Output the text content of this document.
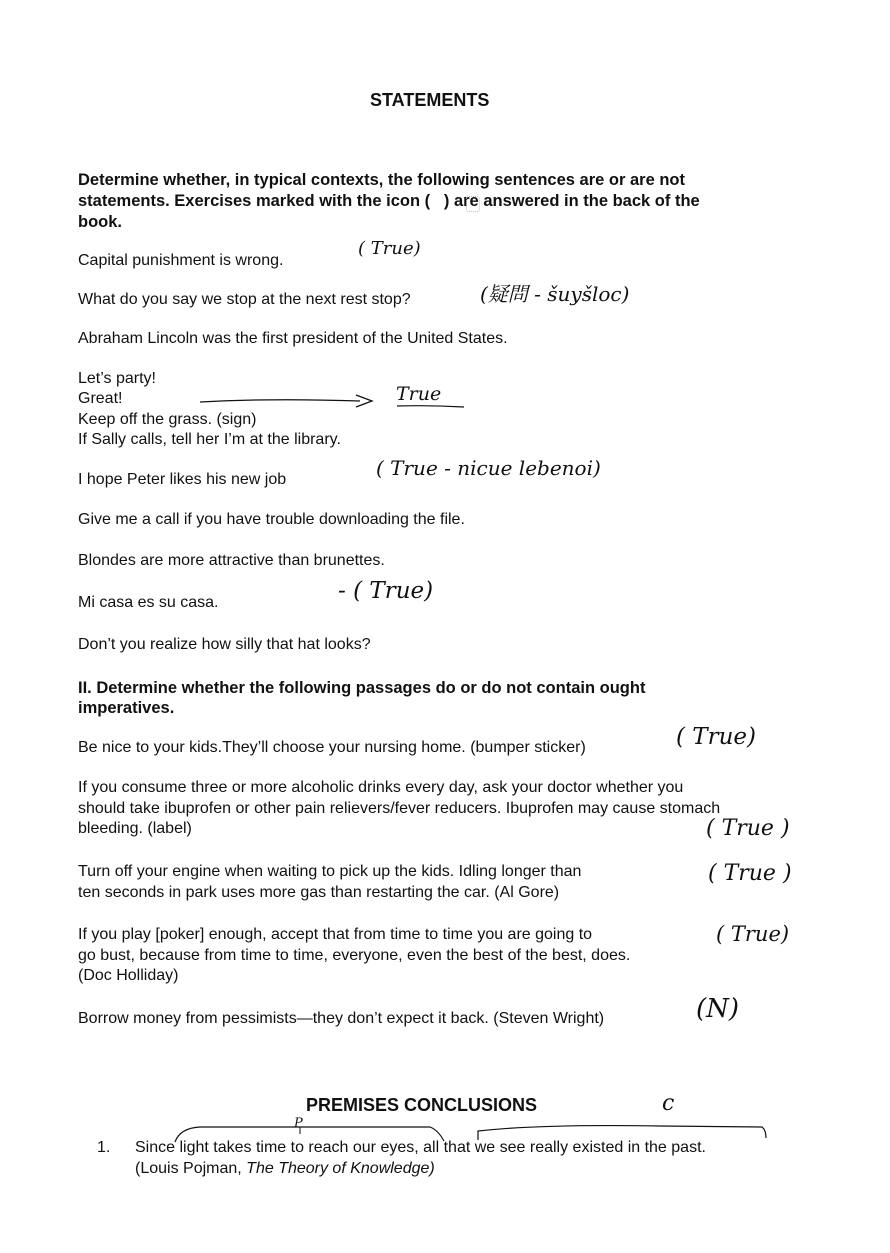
STATEMENTS
Determine whether, in typical contexts, the following sentences are or are not
statements. Exercises marked with the icon (   ) are answered in the back of the
book.
Capital punishment is wrong.
What do you say we stop at the next rest stop?
Abraham Lincoln was the first president of the United States.
Let’s party!
Great!
Keep off the grass. (sign)
If Sally calls, tell her I’m at the library.
I hope Peter likes his new job
Give me a call if you have trouble downloading the file.
Blondes are more attractive than brunettes.
Mi casa es su casa.
Don’t you realize how silly that hat looks?
II. Determine whether the following passages do or do not contain ought
imperatives.
Be nice to your kids.They’ll choose your nursing home. (bumper sticker)
If you consume three or more alcoholic drinks every day, ask your doctor whether you
should take ibuprofen or other pain relievers/fever reducers. Ibuprofen may cause stomach
bleeding. (label)
Turn off your engine when waiting to pick up the kids. Idling longer than
ten seconds in park uses more gas than restarting the car. (Al Gore)
If you play [poker] enough, accept that from time to time you are going to
go bust, because from time to time, everyone, even the best of the best, does.
(Doc Holliday)
Borrow money from pessimists—they don’t expect it back. (Steven Wright)
PREMISES CONCLUSIONS
1. Since light takes time to reach our eyes, all that we see really existed in the past.
(Louis Pojman, The Theory of Knowledge)
( True)
(疑問 - šuyšloc)
True
( True - nicue lebenoi)
- ( True)
( True)
( True )
( True )
( True)
(N)
c
P
